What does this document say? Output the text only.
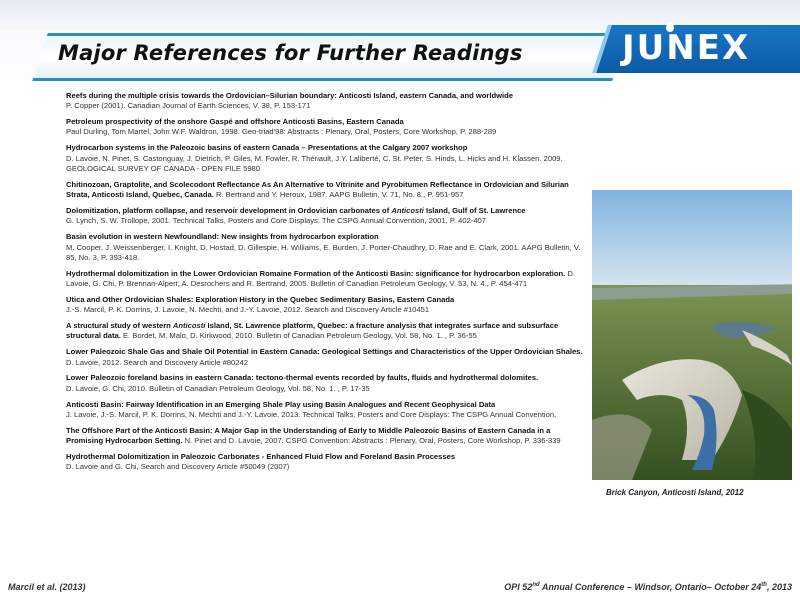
Major References for Further Readings	JUNEX

Reefs during the multiple crisis towards the Ordovician–Silurian boundary: Anticosti Island, eastern Canada, and worldwide
P. Copper (2001). Canadian Journal of Earth Sciences, V. 38, P. 153-171

Petroleum prospectivity of the onshore Gaspé and offshore Anticosti Basins, Eastern Canada
Paul Durling, Tom Martel, John W.F. Waldron, 1998. Geo-triad'98: Abstracts : Plenary, Oral, Posters, Core Workshop, P. 288-289

Hydrocarbon systems in the Paleozoic basins of eastern Canada – Presentations at the Calgary 2007 workshop
D. Lavoie, N. Pinet, S. Castonguay, J. Dietrich, P. Giles, M. Fowler, R. Thériault, J.Y. Laliberté, C. St. Peter, S. Hinds, L. Hicks and H. Klassen. 2009. GEOLOGICAL SURVEY OF CANADA - OPEN FILE 5980

Chitinozoan, Graptolite, and Scolecodont Reflectance As An Alternative to Vitrinite and Pyrobitumen Reflectance in Ordovician and Silurian Strata, Anticosti Island, Quebec, Canada. R. Bertrand and Y. Heroux, 1987. AAPG Bulletin, V. 71, No. 8., P. 951-957

Dolomitization, platform collapse, and reservoir development in Ordovician carbonates of Anticosti Island, Gulf of St. Lawrence
G. Lynch, S. W. Trollope, 2001. Technical Talks, Posters and Core Displays: The CSPG Annual Convention, 2001, P. 402-407

Basin evolution in western Newfoundland: New insights from hydrocarbon exploration
M. Cooper, J. Weissenberger, I. Knight, D. Hostad, D. Gillespie, H. Williams, E. Burden, J. Porter-Chaudhry, D. Rae and E. Clark, 2001. AAPG Bulletin, V. 85, No. 3, P. 393-418.

Hydrothermal dolomitization in the Lower Ordovician Romaine Formation of the Anticosti Basin: significance for hydrocarbon exploration. D. Lavoie, G. Chi, P. Brennan-Alpert, A. Desrochers and R. Bertrand, 2005. Bulletin of Canadian Petroleum Geology, V. 53, N. 4., P. 454-471

Utica and Other Ordovician Shales: Exploration History in the Quebec Sedimentary Basins, Eastern Canada
J.-S. Marcil, P. K. Dorrins, J. Lavoie, N. Mechti, and J.-Y. Lavoie, 2012. Search and Discovery Article #10451

A structural study of western Anticosti Island, St. Lawrence platform, Quebec: a fracture analysis that integrates surface and subsurface structural data. E. Bordet, M. Malo, D. Kirkwood, 2010. Bulletin of Canadian Petroleum Geology, Vol. 58, No. 1. , P. 36-55

Lower Paleozoic Shale Gas and Shale Oil Potential in Eastern Canada: Geological Settings and Characteristics of the Upper Ordovician Shales. D. Lavoie, 2012. Search and Discovery Article #80242

Lower Paleozoic foreland basins in eastern Canada: tectono-thermal events recorded by faults, fluids and hydrothermal dolomites.
D. Lavoie, G. Chi, 2010. Bulletin of Canadian Petroleum Geology, Vol. 58, No. 1. , P. 17-35

Anticosti Basin: Fairway Identification in an Emerging Shale Play using Basin Analogues and Recent Geophysical Data
J. Lavoie, J.-S. Marcil, P. K. Dorrins, N. Mechti and J.-Y. Lavoie, 2013. Technical Talks, Posters and Core Displays: The CSPG Annual Convention,

The Offshore Part of the Anticosti Basin: A Major Gap in the Understanding of Early to Middle Paleozoic Basins of Eastern Canada in a Promising Hydrocarbon Setting. N. Pinet and D. Lavoie, 2007. CSPG Convention: Abstracts : Plenary, Oral, Posters, Core Workshop, P. 336-339

Hydrothermal Dolomitization in Paleozoic Carbonates - Enhanced Fluid Flow and Foreland Basin Processes
D. Lavoie and G. Chi, Search and Discovery Article #50049 (2007)

Brick Canyon, Anticosti Island, 2012
Marcil et al. (2013)	OPI 52nd Annual Conference – Windsor, Ontario– October 24th, 2013
